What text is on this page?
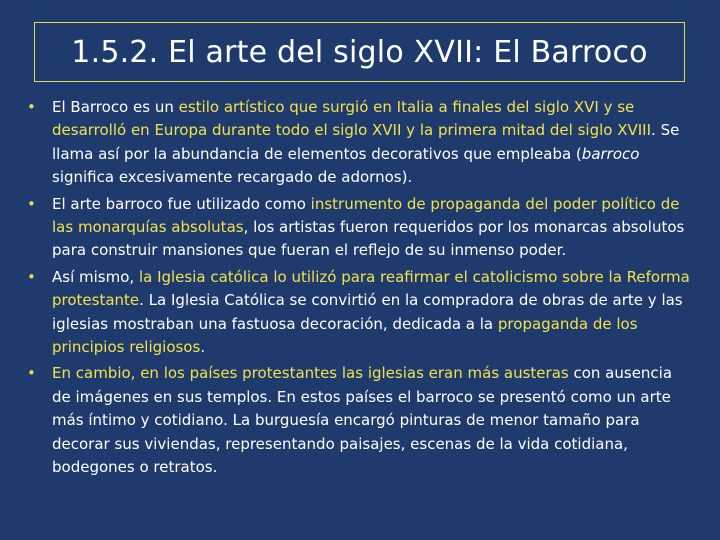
1.5.2. El arte del siglo XVII: El Barroco
• El Barroco es un estilo artístico que surgió en Italia a finales del siglo XVI y se desarrolló en Europa durante todo el siglo XVII y la primera mitad del siglo XVIII. Se llama así por la abundancia de elementos decorativos que empleaba (barroco significa excesivamente recargado de adornos).
• El arte barroco fue utilizado como instrumento de propaganda del poder político de las monarquías absolutas, los artistas fueron requeridos por los monarcas absolutos para construir mansiones que fueran el reflejo de su inmenso poder.
• Así mismo, la Iglesia católica lo utilizó para reafirmar el catolicismo sobre la Reforma protestante. La Iglesia Católica se convirtió en la compradora de obras de arte y las iglesias mostraban una fastuosa decoración, dedicada a la propaganda de los principios religiosos.
• En cambio, en los países protestantes las iglesias eran más austeras con ausencia de imágenes en sus templos. En estos países el barroco se presentó como un arte más íntimo y cotidiano. La burguesía encargó pinturas de menor tamaño para decorar sus viviendas, representando paisajes, escenas de la vida cotidiana, bodegones o retratos.
